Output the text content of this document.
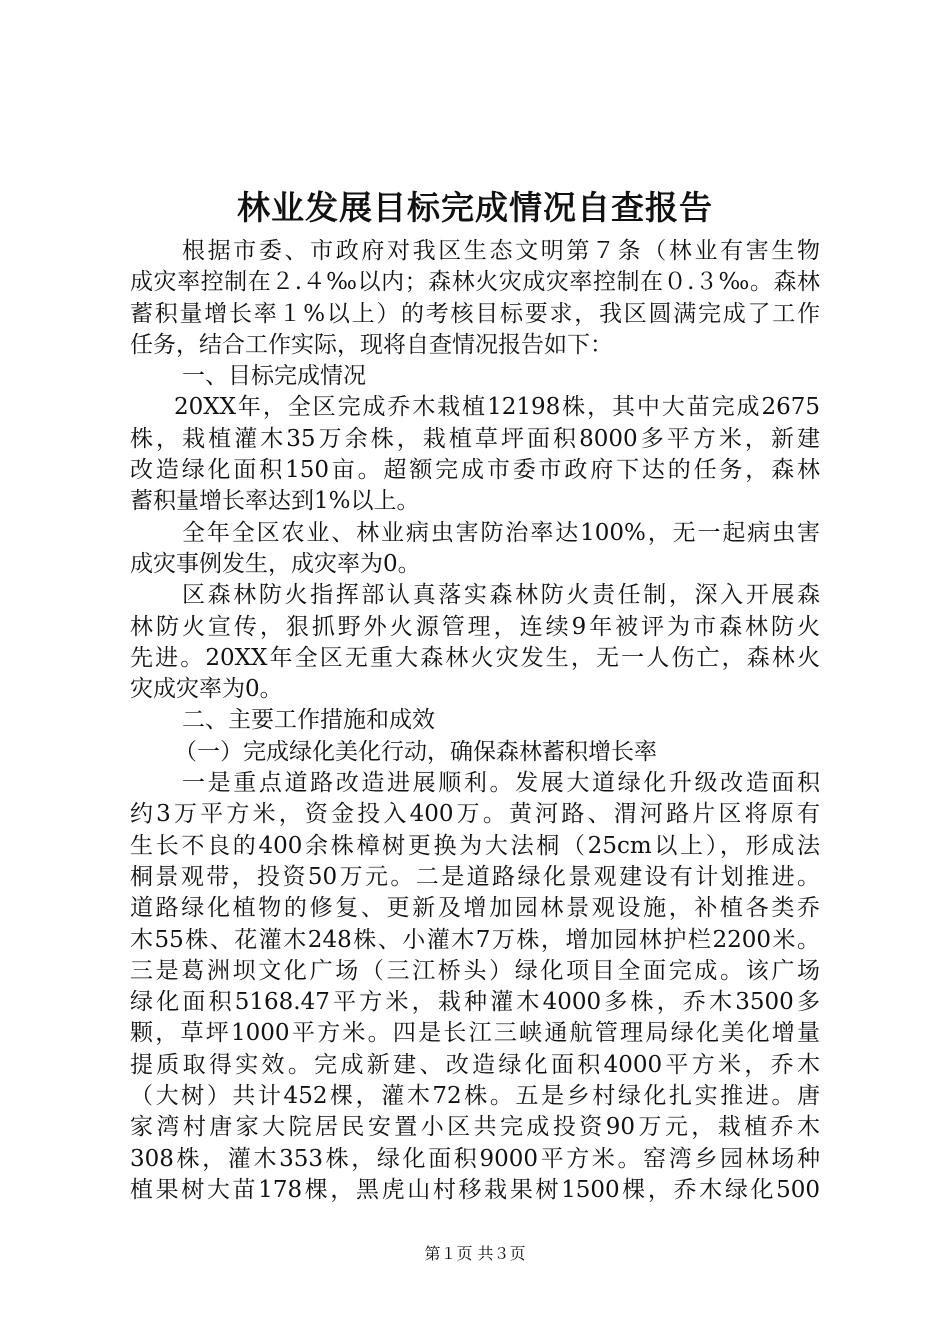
林业发展目标完成情况自查报告
根据市委、市政府对我区生态文明第７条（林业有害生物
成灾率控制在２.４‰以内；森林火灾成灾率控制在０.３‰。森林
蓄积量增长率１%以上）的考核目标要求，我区圆满完成了工作
任务，结合工作实际，现将自查情况报告如下：
一、目标完成情况
20XX年，全区完成乔木栽植12198株，其中大苗完成2675
株，栽植灌木35万余株，栽植草坪面积8000多平方米，新建
改造绿化面积150亩。超额完成市委市政府下达的任务，森林
蓄积量增长率达到1%以上。
全年全区农业、林业病虫害防治率达100%，无一起病虫害
成灾事例发生，成灾率为0。
区森林防火指挥部认真落实森林防火责任制，深入开展森
林防火宣传，狠抓野外火源管理，连续9年被评为市森林防火
先进。20XX年全区无重大森林火灾发生，无一人伤亡，森林火
灾成灾率为0。
二、主要工作措施和成效
（一）完成绿化美化行动，确保森林蓄积增长率
一是重点道路改造进展顺利。发展大道绿化升级改造面积
约3万平方米，资金投入400万。黄河路、渭河路片区将原有
生长不良的400余株樟树更换为大法桐（25cm以上），形成法
桐景观带，投资50万元。二是道路绿化景观建设有计划推进。
道路绿化植物的修复、更新及增加园林景观设施，补植各类乔
木55株、花灌木248株、小灌木7万株，增加园林护栏2200米。
三是葛洲坝文化广场（三江桥头）绿化项目全面完成。该广场
绿化面积5168.47平方米，栽种灌木4000多株，乔木3500多
颗，草坪1000平方米。四是长江三峡通航管理局绿化美化增量
提质取得实效。完成新建、改造绿化面积4000平方米，乔木
（大树）共计452棵，灌木72株。五是乡村绿化扎实推进。唐
家湾村唐家大院居民安置小区共完成投资90万元，栽植乔木
308株，灌木353株，绿化面积9000平方米。窑湾乡园林场种
植果树大苗178棵，黑虎山村移栽果树1500棵，乔木绿化500
第１页 共３页
